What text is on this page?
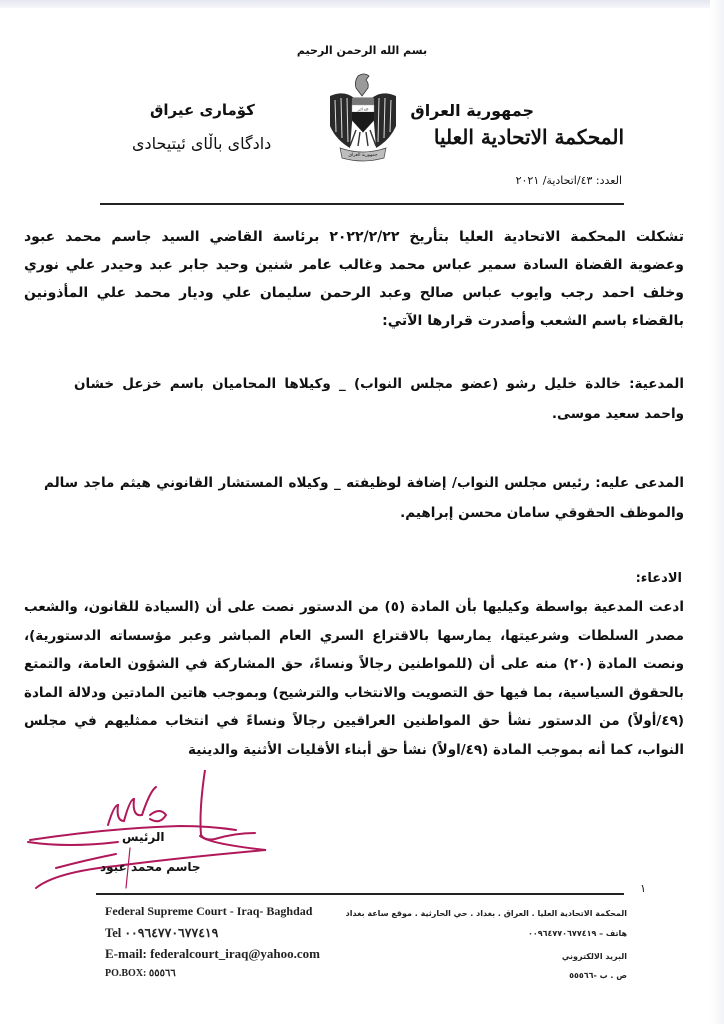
بسم الله الرحمن الرحيم
جمهورية العراق
المحكمة الاتحادية العليا
العدد: ٤٣/اتحادية/ ٢٠٢١
كۆمارى عيراق
دادگاى باڵاى ئیتیحادى
الله أكبر
جمهورية العراق
تشكلت المحكمة الاتحادية العليا بتأريخ ٢٠٢٢/٢/٢٢ برئاسة القاضي السيد جاسم محمد عبود وعضوية القضاة السادة سمير عباس محمد وغالب عامر شنين وحيد جابر عبد وحيدر علي نوري وخلف احمد رجب وايوب عباس صالح وعبد الرحمن سليمان علي وديار محمد علي المأذونين بالقضاء باسم الشعب وأصدرت قرارها الآتي:
المدعية: خالدة خليل رشو (عضو مجلس النواب) _ وكيلاها المحاميان باسم خزعل خشان واحمد سعيد موسى.
المدعى عليه: رئيس مجلس النواب/ إضافة لوظيفته _ وكيلاه المستشار القانوني هيثم ماجد سالم والموظف الحقوقي سامان محسن إبراهيم.
الادعاء:
ادعت المدعية بواسطة وكيليها بأن المادة (٥) من الدستور نصت على أن (السيادة للقانون، والشعب مصدر السلطات وشرعيتها، يمارسها بالاقتراع السري العام المباشر وعبر مؤسساته الدستورية)، ونصت المادة (٢٠) منه على أن (للمواطنين رجالاً ونساءً، حق المشاركة في الشؤون العامة، والتمتع بالحقوق السياسية، بما فيها حق التصويت والانتخاب والترشيح) وبموجب هاتين المادتين ودلالة المادة (٤٩/أولاً) من الدستور نشأ حق المواطنين العراقيين رجالاً ونساءً في انتخاب ممثليهم في مجلس النواب، كما أنه بموجب المادة (٤٩/اولاً) نشأ حق أبناء الأقليات الأثنية والدينية
الرئيس
جاسم محمد عبود
١
Federal Supreme Court - Iraq- Baghdad
Tel ٠٠٩٦٤٧٧٠٦٧٧٤١٩
E-mail: federalcourt_iraq@yahoo.com
PO.BOX: ٥٥٥٦٦
المحكمة الاتحادية العليا . العراق . بغداد . حي الحارثية . موقع ساعة بغداد
هاتف – ٠٠٩٦٤٧٧٠٦٧٧٤١٩
البريد الالكتروني
ص . ب -٥٥٥٦٦
